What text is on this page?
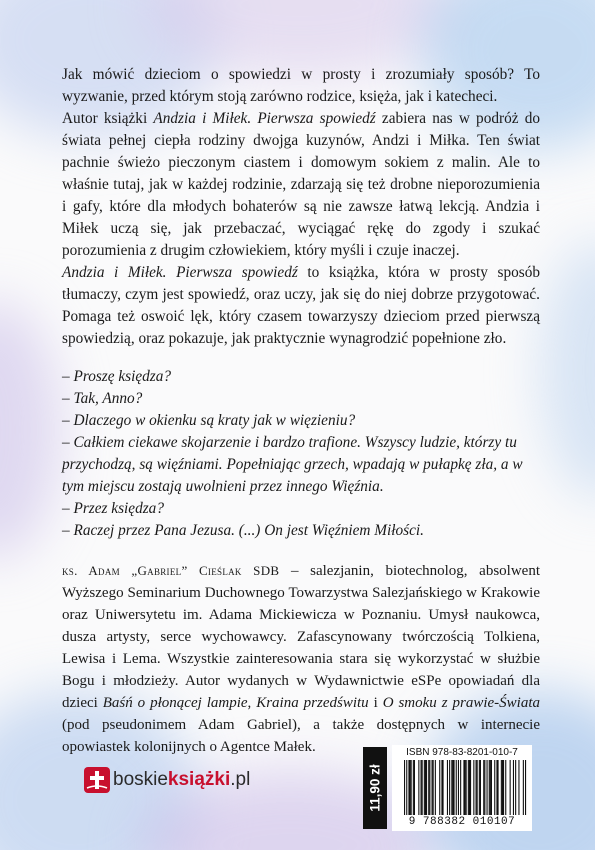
Jak mówić dzieciom o spowiedzi w prosty i zrozumiały sposób? To wyzwanie, przed którym stoją zarówno rodzice, księża, jak i katecheci.

Autor książki Andzia i Miłek. Pierwsza spowiedź zabiera nas w podróż do świata pełnej ciepła rodziny dwojga kuzynów, Andzi i Miłka. Ten świat pachnie świeżo pieczonym ciastem i domowym sokiem z malin. Ale to właśnie tutaj, jak w każdej rodzinie, zdarzają się też drobne nieporozumienia i gafy, które dla młodych bohaterów są nie zawsze łatwą lekcją. Andzia i Miłek uczą się, jak przebaczać, wyciągać rękę do zgody i szukać porozumienia z drugim człowiekiem, który myśli i czuje inaczej.

Andzia i Miłek. Pierwsza spowiedź to książka, która w prosty sposób tłumaczy, czym jest spowiedź, oraz uczy, jak się do niej dobrze przygotować. Pomaga też oswoić lęk, który czasem towarzyszy dzieciom przed pierwszą spowiedzią, oraz pokazuje, jak praktycznie wynagrodzić popełnione zło.

– Proszę księdza?

– Tak, Anno?

– Dlaczego w okienku są kraty jak w więzieniu?

– Całkiem ciekawe skojarzenie i bardzo trafione. Wszyscy ludzie, którzy tu przychodzą, są więźniami. Popełniając grzech, wpadają w pułapkę zła, a w tym miejscu zostają uwolnieni przez innego Więźnia.

– Przez księdza?

– Raczej przez Pana Jezusa. (...) On jest Więźniem Miłości.

ks. Adam „Gabriel” Cieślak SDB – salezjanin, biotechnolog, absolwent Wyższego Seminarium Duchownego Towarzystwa Salezjańskiego w Krakowie oraz Uniwersytetu im. Adama Mickiewicza w Poznaniu. Umysł naukowca, dusza artysty, serce wychowawcy. Zafascynowany twórczością Tolkiena, Lewisa i Lema. Wszystkie zainteresowania stara się wykorzystać w służbie Bogu i młodzieży. Autor wydanych w Wydawnictwie eSPe opowiadań dla dzieci Baśń o płonącej lampie, Kraina przedświtu i O smoku z prawie-Świata (pod pseudonimem Adam Gabriel), a także dostępnych w internecie opowiastek kolonijnych o Agentce Małek.

boskieksiążki.pl	11,90 zł
ISBN 978-83-8201-010-7
9 788382 010107
